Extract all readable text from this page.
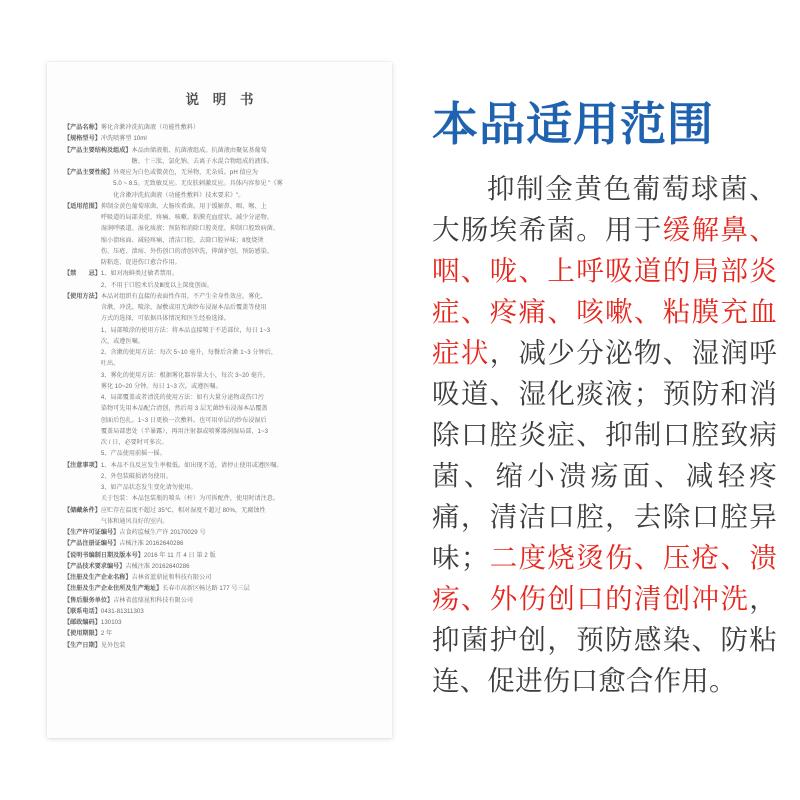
说 明 书
【产品名称】 雾化含漱冲洗抗菌液（功能性敷料）
【规格型号】 冲洗喷雾型 10ml
【产品主要结构及组成】 本品由储液瓶、抗菌液组成。抗菌液由聚氨基葡萄
糖、十三肽、氯化钠、去离子水混合物组成的液体。
【产品主要性能】 外观应为白色或微黄色，无异物，无杂质。pH 值应为
5.0 ~ 8.5。无致敏反应。无皮肤刺激反应。具体内容参见 "《雾
化含漱冲洗抗菌液（功能性敷料）技术要求》"。
【适用范围】 抑制金黄色葡萄球菌、大肠埃希菌。用于缓解鼻、咽、喉、上
呼吸道的局部炎症、疼痛、咳嗽、粘膜充血症状。减少分泌物、
湿润呼吸道、湿化痰液；预防和消除口腔炎症、抑制口腔致病菌、
缩小溃疡面、减轻疼痛，清洁口腔，去除口腔异味；Ⅱ度烧烫
伤、压疮、溃疡、外伤创口的清创冲洗，抑菌护创，预防感染、
防粘连、促进伤口愈合作用。
【禁　　忌】 1、如对海鲜类过敏者禁用。
2、不用于口腔术后及Ⅲ度以上深度创面。
【使用方法】 本品对组织有直接的表面性作用，不产生全身性效应。雾化、
含漱、冲洗、喷涂、湿敷或用无菌纱布浸湿本品后覆盖等使用
方式的选择，可依据具体情况和医生经验选择。
1、局部喷涂的使用方法：将本品直接喷于不适部位，每日 1~3
次，或遵医嘱。
2、含漱的使用方法：每次 5~10 毫升，每餐后含漱 1~3 分钟后，
吐出。
3、雾化的使用方法：根据雾化器容量大小，每次 3~20 毫升，
雾化 10~20 分钟。每日 1~3 次。或遵医嘱。
4、局部覆盖或者清洗的使用方法：如有大量分泌物或伤口污
染物可先用本品配合清创，然后用 3 层无菌纱布浸湿本品覆盖
创面后包扎。1~3 日更换一次敷料。也可用单层的纱布浸湿后
覆盖局部患处（半暴露），再用注射器或喷雾器润湿局部，1~3
次 / 日，必要时可多次。
5、产品使用前摇一摇。
【注意事项】 1、本品不良反应发生率极低。如出现不适，请停止使用或遵医嘱。
2、外包装破损请勿使用。
3、如产品状态发生变化请勿使用。
关于包装：本品包装瓶的喷头（杆）为可拆配件，使用时请注意。
【储藏条件】 应贮存在温度不超过 35℃、相对湿度不超过 80%，无腐蚀性
气体和通风良好的室内。
【生产许可证编号】 吉食药监械生产许 20170029 号
【产品注册证编号】 吉械注准 20162640286
【说明书编制日期及版本号】 2016 年 11 月 4 日 第 2 版
【产品技术要求编号】 吉械注准 20162640286
【注册及生产企业名称】 吉林省蓝鼎昆和科技有限公司
【注册及生产企业住所及生产地址】 长春市高新区畅达路 177 号三层
【售后服务单位】 吉林省蓝鼎昆和科技有限公司
【联系电话】 0431-81311303
【邮政编码】 130103
【使用期限】 2 年
【生产日期】 见外包装
本品适用范围
抑制金黄色葡萄球菌、大肠埃希菌。用于缓解鼻、咽、咙、上呼吸道的局部炎症、疼痛、咳嗽、粘膜充血症状，减少分泌物、湿润呼吸道、湿化痰液；预防和消除口腔炎症、抑制口腔致病菌、缩小溃疡面、减轻疼痛，清洁口腔，去除口腔异味；二度烧烫伤、压疮、溃疡、外伤创口的清创冲洗，抑菌护创，预防感染、防粘连、促进伤口愈合作用。
